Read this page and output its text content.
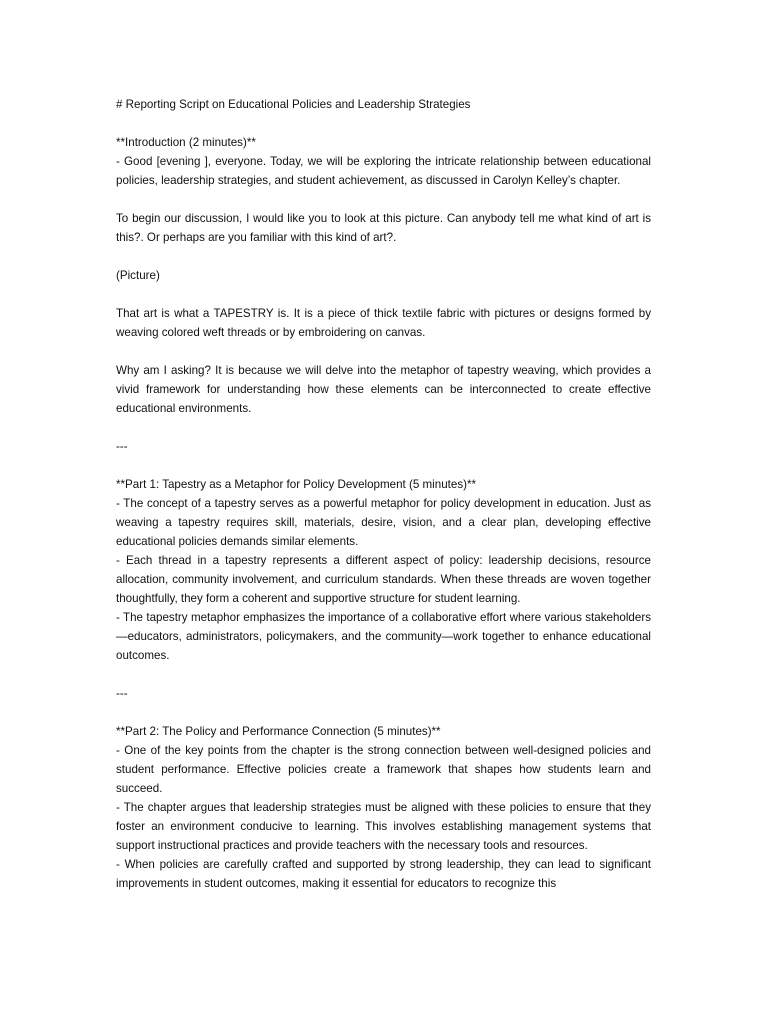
# Reporting Script on Educational Policies and Leadership Strategies

**Introduction (2 minutes)**

- Good [evening ], everyone. Today, we will be exploring the intricate relationship between educational policies, leadership strategies, and student achievement, as discussed in Carolyn Kelley’s chapter.

To begin our discussion, I would like you to look at this picture. Can anybody tell me what kind of art is this?. Or perhaps are you familiar with this kind of art?.

(Picture)

That art is what a TAPESTRY is. It is a piece of thick textile fabric with pictures or designs formed by weaving colored weft threads or by embroidering on canvas.

Why am I asking? It is because we will delve into the metaphor of tapestry weaving, which provides a vivid framework for understanding how these elements can be interconnected to create effective educational environments.

---

**Part 1: Tapestry as a Metaphor for Policy Development (5 minutes)**

- The concept of a tapestry serves as a powerful metaphor for policy development in education. Just as weaving a tapestry requires skill, materials, desire, vision, and a clear plan, developing effective educational policies demands similar elements.

- Each thread in a tapestry represents a different aspect of policy: leadership decisions, resource allocation, community involvement, and curriculum standards. When these threads are woven together thoughtfully, they form a coherent and supportive structure for student learning.

- The tapestry metaphor emphasizes the importance of a collaborative effort where various stakeholders—educators, administrators, policymakers, and the community—work together to enhance educational outcomes.

---

**Part 2: The Policy and Performance Connection (5 minutes)**

- One of the key points from the chapter is the strong connection between well-designed policies and student performance. Effective policies create a framework that shapes how students learn and succeed.

- The chapter argues that leadership strategies must be aligned with these policies to ensure that they foster an environment conducive to learning. This involves establishing management systems that support instructional practices and provide teachers with the necessary tools and resources.

- When policies are carefully crafted and supported by strong leadership, they can lead to significant improvements in student outcomes, making it essential for educators to recognize this
